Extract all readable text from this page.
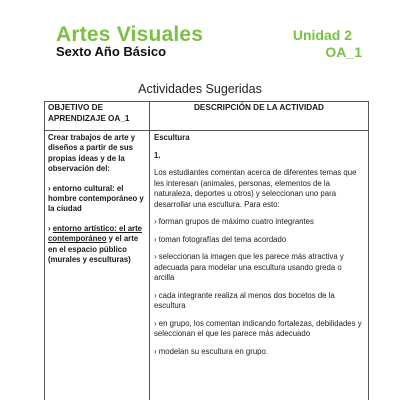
Artes Visuales
Sexto Año Básico
Unidad 2
OA_1
Actividades Sugeridas
OBJETIVO DE APRENDIZAJE OA_1
DESCRIPCIÓN DE LA ACTIVIDAD

Crear trabajos de arte y diseños a partir de sus propias ideas y de la observación del:

› entorno cultural: el hombre contemporáneo y la ciudad

› entorno artístico: el arte contemporáneo y el arte en el espacio público (murales y esculturas)

Escultura

1.

Los estudiantes comentan acerca de diferentes temas que les interesan (animales, personas, elementos de la naturaleza, deportes u otros) y seleccionan uno para desarrollar una escultura. Para esto:

› forman grupos de máximo cuatro integrantes

› toman fotografías del tema acordado

› seleccionan la imagen que les parece más atractiva y adecuada para modelar una escultura usando greda o arcilla

› cada integrante realiza al menos dos bocetos de la escultura

› en grupo, los comentan indicando fortalezas, debilidades y seleccionan el que les parece más adecuado

› modelan su escultura en grupo.
